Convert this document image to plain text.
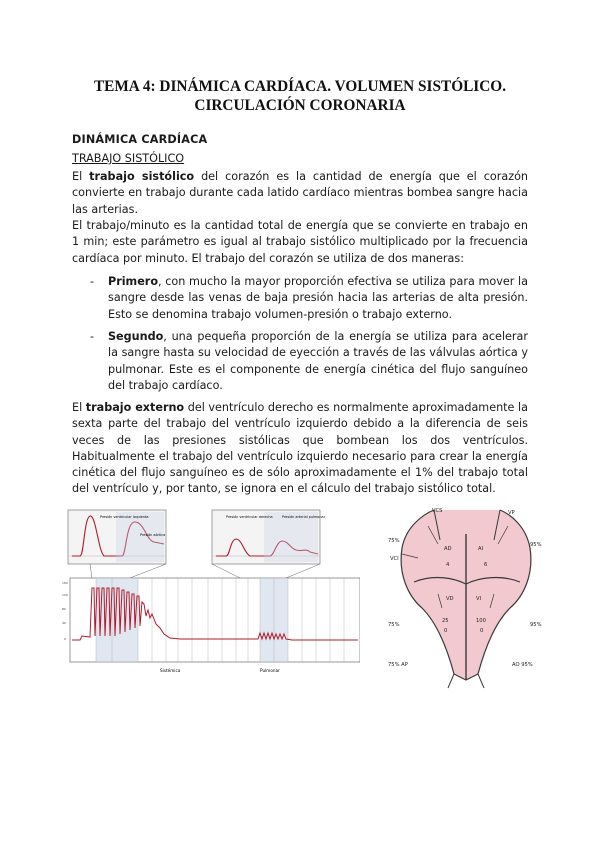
TEMA 4: DINÁMICA CARDÍACA. VOLUMEN SISTÓLICO.
CIRCULACIÓN CORONARIA
DINÁMICA CARDÍACA
TRABAJO SISTÓLICO
El trabajo sistólico del corazón es la cantidad de energía que el corazón convierte en trabajo durante cada latido cardíaco mientras bombea sangre hacia las arterias.
El trabajo/minuto es la cantidad total de energía que se convierte en trabajo en 1 min; este parámetro es igual al trabajo sistólico multiplicado por la frecuencia cardíaca por minuto. El trabajo del corazón se utiliza de dos maneras:
- Primero, con mucho la mayor proporción efectiva se utiliza para mover la sangre desde las venas de baja presión hacia las arterias de alta presión. Esto se denomina trabajo volumen-presión o trabajo externo.
- Segundo, una pequeña proporción de la energía se utiliza para acelerar la sangre hasta su velocidad de eyección a través de las válvulas aórtica y pulmonar. Este es el componente de energía cinética del flujo sanguíneo del trabajo cardíaco.
El trabajo externo del ventrículo derecho es normalmente aproximadamente la sexta parte del trabajo del ventrículo izquierdo debido a la diferencia de seis veces de las presiones sistólicas que bombean los dos ventrículos. Habitualmente el trabajo del ventrículo izquierdo necesario para crear la energía cinética del flujo sanguíneo es de sólo aproximadamente el 1% del trabajo total del ventrículo y, por tanto, se ignora en el cálculo del trabajo sistólico total.
Presión ventricular izquierda
Presión aórtica
Presión ventricular derecha	Presión arterial pulmonar
160
120
80
40
0
Sistémica	Pulmonar
VCS	VP
VCI
AD	AI
4	6
VD	VI
25
0
100
0
75%
95%
75%	95%
75% AP	AO 95%
